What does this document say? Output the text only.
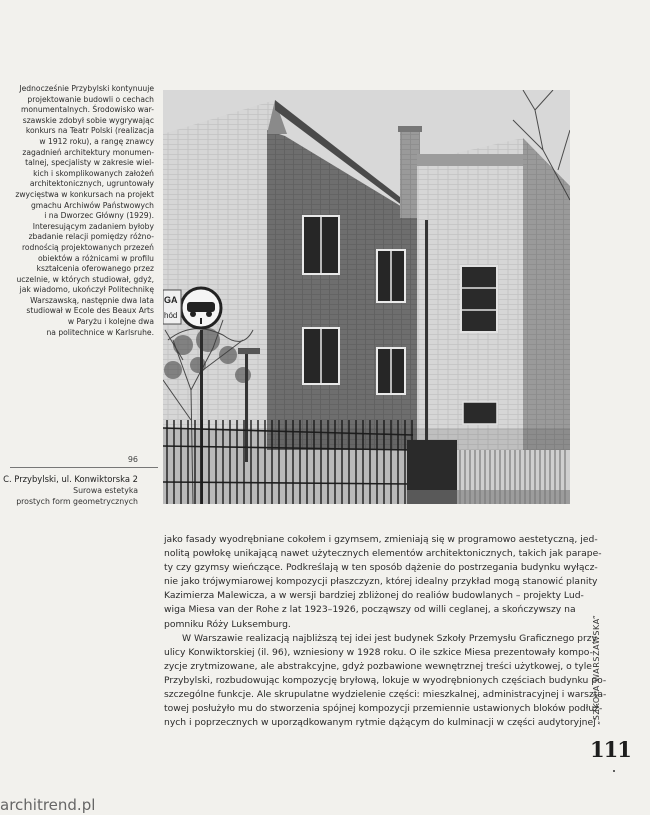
Jednocześnie Przybylski kontynuuje
projektowanie budowli o cechach
monumentalnych. Środowisko war-
szawskie zdobył sobie wygrywając
konkurs na Teatr Polski (realizacja
w 1912 roku), a rangę znawcy
zagadnień architektury monumen-
talnej, specjalisty w zakresie wiel-
kich i skomplikowanych założeń
architektonicznych, ugruntowały
zwycięstwa w konkursach na projekt
gmachu Archiwów Państwowych
i na Dworzec Główny (1929).
Interesującym zadaniem byłoby
zbadanie relacji pomiędzy różno-
rodnością projektowanych przezeń
obiektów a różnicami w profilu
kształcenia oferowanego przez
uczelnie, w których studiował, gdyż,
jak wiadomo, ukończył Politechnikę
Warszawską, następnie dwa lata
studiował w Ecole des Beaux Arts
w Paryżu i kolejne dwa
na politechnice w Karlsruhe.
GA
hód
96
C. Przybylski, ul. Konwiktorska 2
Surowa estetyka
prostych form geometrycznych
jako fasady wyodrębniane cokołem i gzymsem, zmieniają się w programowo aestetyczną, jed-
nolitą powłokę unikającą nawet użytecznych elementów architektonicznych, takich jak parape-
ty czy gzymsy wieńczące. Podkreślają w ten sposób dążenie do postrzegania budynku wyłącz-
nie jako trójwymiarowej kompozycji płaszczyzn, której idealny przykład mogą stanowić planity
Kazimierza Malewicza, a w wersji bardziej zbliżonej do realiów budowlanych – projekty Lud-
wiga Miesa van der Rohe z lat 1923–1926, począwszy od willi ceglanej, a skończywszy na
pomniku Róży Luksemburg.
W Warszawie realizacją najbliższą tej idei jest budynek Szkoły Przemysłu Graficznego przy
ulicy Konwiktorskiej (il. 96), wzniesiony w 1928 roku. O ile szkice Miesa prezentowały kompo-
zycje zrytmizowane, ale abstrakcyjne, gdyż pozbawione wewnętrznej treści użytkowej, o tyle
Przybylski, rozbudowując kompozycję bryłową, lokuje w wyodrębnionych częściach budynku po-
szczególne funkcje. Ale skrupulatne wydzielenie części: mieszkalnej, administracyjnej i warszta-
towej posłużyło mu do stworzenia spójnej kompozycji przemiennie ustawionych bloków podłuż-
nych i poprzecznych w uporządkowanym rytmie dążącym do kulminacji w części audytoryjnej
„SZKOŁA WARSZAWSKA”
111
architrend.pl
